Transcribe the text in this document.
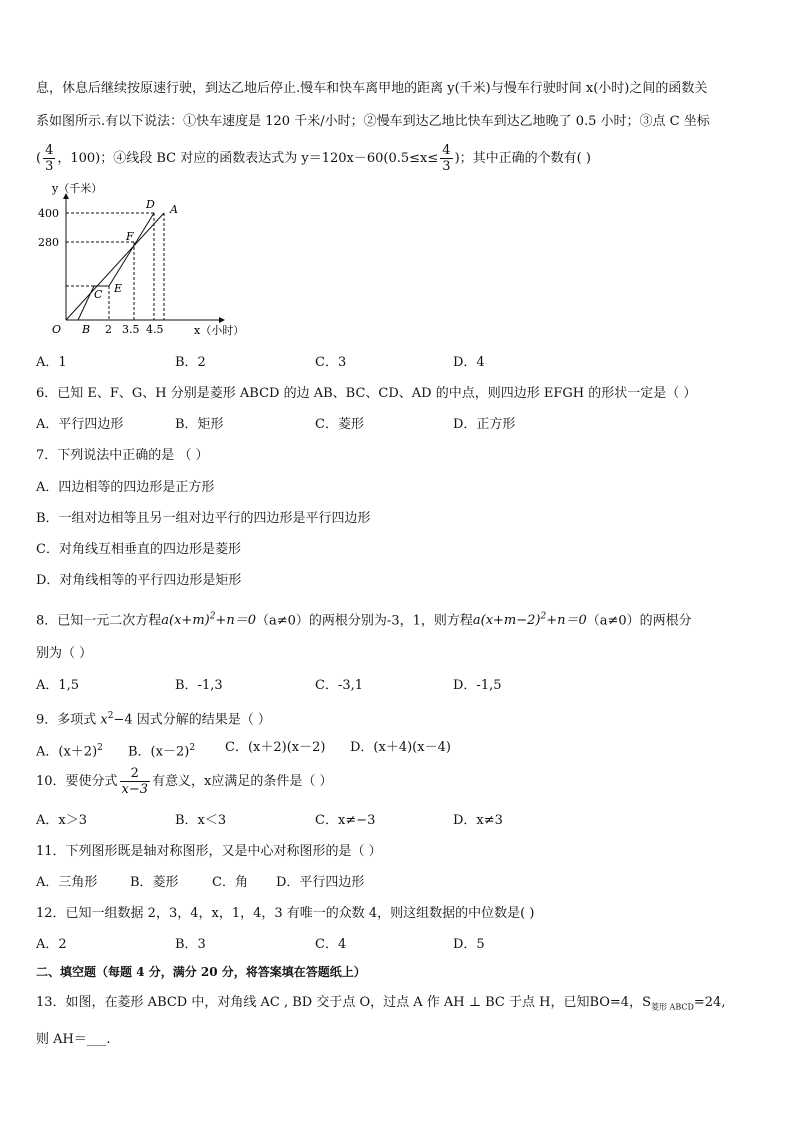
息，休息后继续按原速行驶，到达乙地后停止.慢车和快车离甲地的距离 y(千米)与慢车行驶时间 x(小时)之间的函数关
系如图所示.有以下说法：①快车速度是 120 千米/小时；②慢车到达乙地比快车到达乙地晚了 0.5 小时；③点 C 坐标
( $\frac{4}{3}$ ，100)；④线段 BC 对应的函数表达式为 $y=120x-60(0.5\le x\le \frac{4}{3}$ )；其中正确的个数有( )
y（千米）
x（小时）
400
280
O B 2 3.5 4.5
D A
F
C E
A．1	B．2	C．3	D．4
6．已知 E、F、G、H 分别是菱形 ABCD 的边 AB、BC、CD、AD 的中点，则四边形 EFGH 的形状一定是（ ）
A．平行四边形	B．矩形	C．菱形	D．正方形
7．下列说法中正确的是 （ ）
A．四边相等的四边形是正方形
B．一组对边相等且另一组对边平行的四边形是平行四边形
C．对角线互相垂直的四边形是菱形
D．对角线相等的平行四边形是矩形
8．已知一元二次方程$a(x+m)^2+n=0(a\ne 0)$的两根分别为-3，1，则方程$a(x+m-2)^2+n=0(a\ne 0)$的两根分
别为（ ）
A．1,5	B．-1,3	C．-3,1	D．-1,5
9．多项式 $x^2-4$ 因式分解的结果是（ ）
A．$(x+2)^2$ B．$(x-2)^2$ C．(x＋2)(x－2) D．(x＋4)(x－4)
10．要使分式 $\frac{2}{x-3}$ 有意义，x应满足的条件是（ ）
A．x＞3	B．x＜3	C．x≠−3	D．x≠3
11．下列图形既是轴对称图形，又是中心对称图形的是（ ）
A．三角形	B．菱形	C．角 D．平行四边形
12．已知一组数据 2，3，4，x，1，4，3 有唯一的众数 4，则这组数据的中位数是( )
A．2	B．3	C．4	D．5
二、填空题（每题 4 分，满分 20 分，将答案填在答题纸上）
13．如图，在菱形 ABCD 中，对角线 AC , BD 交于点 O，过点 A 作 AH ⊥ BC 于点 H，已知BO=4，$S_{菱形 ABCD}=24$,
则 AH＝___.
